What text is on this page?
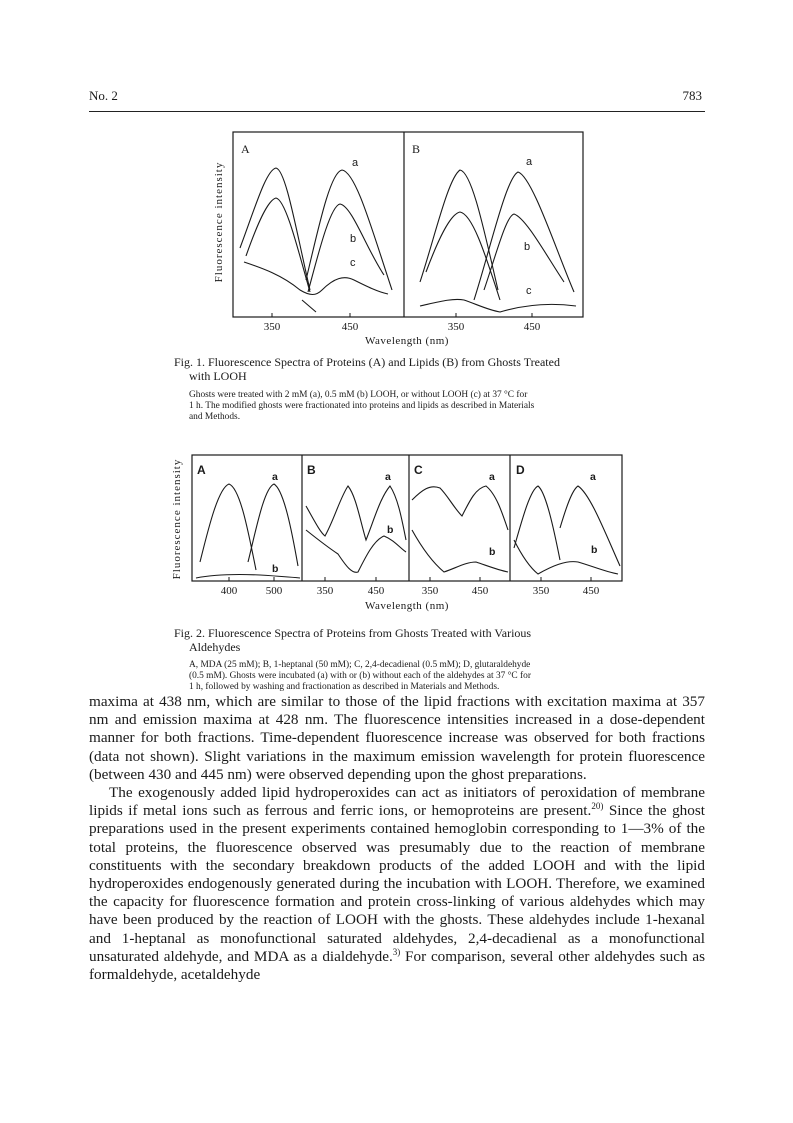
No. 2	783
A	B
a
b
c
a
b
c
350	450	350	450
Wavelength (nm)
Fluorescence intensity
A	B	C	D
a
b
a
b
a
b
a
b
400	500	350	450	350	450	350	450
Wavelength (nm)
Fluorescence intensity
Fig. 1. Fluorescence Spectra of Proteins (A) and Lipids (B) from Ghosts Treated
with LOOH
Ghosts were treated with 2 mM (a), 0.5 mM (b) LOOH, or without LOOH (c) at 37 °C for
1 h. The modified ghosts were fractionated into proteins and lipids as described in Materials
and Methods.
Fig. 2. Fluorescence Spectra of Proteins from Ghosts Treated with Various
Aldehydes
A, MDA (25 mM); B, 1-heptanal (50 mM); C, 2,4-decadienal (0.5 mM); D, glutaraldehyde
(0.5 mM). Ghosts were incubated (a) with or (b) without each of the aldehydes at 37 °C for
1 h, followed by washing and fractionation as described in Materials and Methods.

maxima at 438 nm, which are similar to those of the lipid fractions with excitation maxima at 357 nm and emission maxima at 428 nm. The fluorescence intensities increased in a dose-dependent manner for both fractions. Time-dependent fluorescence increase was observed for both fractions (data not shown). Slight variations in the maximum emission wavelength for protein fluorescence (between 430 and 445 nm) were observed depending upon the ghost preparations.

The exogenously added lipid hydroperoxides can act as initiators of peroxidation of membrane lipids if metal ions such as ferrous and ferric ions, or hemoproteins are present.$^{20)}$ Since the ghost preparations used in the present experiments contained hemoglobin corresponding to 1—3% of the total proteins, the fluorescence observed was presumably due to the reaction of membrane constituents with the secondary breakdown products of the added LOOH and with the lipid hydroperoxides endogenously generated during the incubation with LOOH. Therefore, we examined the capacity for fluorescence formation and protein cross-linking of various aldehydes which may have been produced by the reaction of LOOH with the ghosts. These aldehydes include 1-hexanal and 1-heptanal as monofunctional saturated aldehydes, 2,4-decadienal as a monofunctional unsaturated aldehyde, and MDA as a dialdehyde.$^{3)}$ For comparison, several other aldehydes such as formaldehyde, acetaldehyde
